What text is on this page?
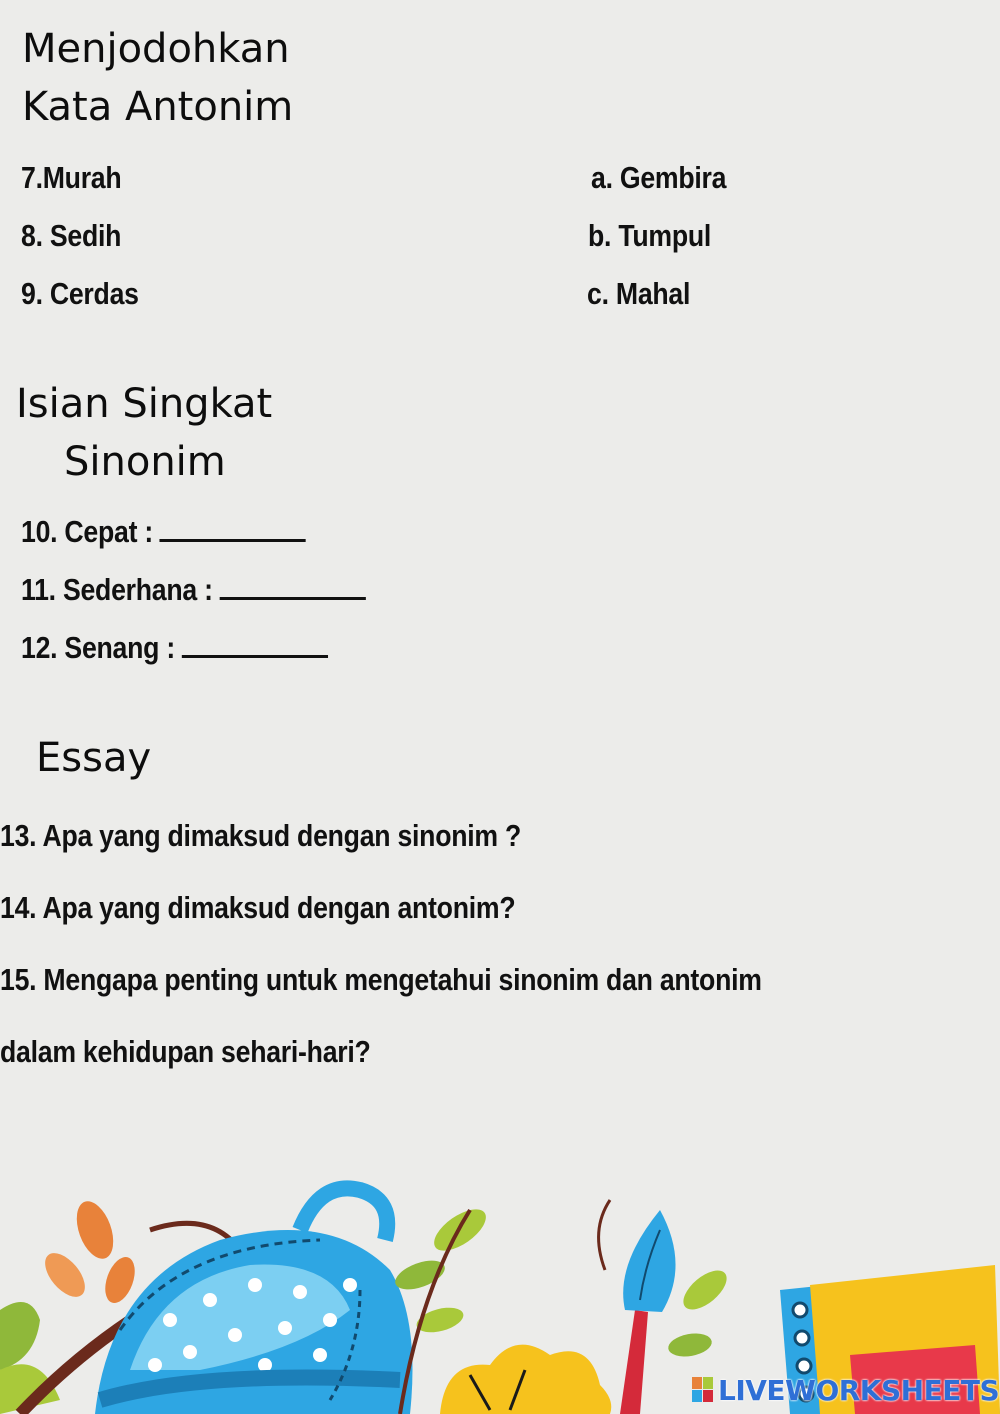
Menjodohkan
Kata Antonim
7.Murah
8. Sedih
9. Cerdas
a. Gembira
b. Tumpul
c. Mahal
Isian Singkat
Sinonim
10. Cepat :
11. Sederhana :
12. Senang :
Essay
13. Apa yang dimaksud dengan sinonim ?
14. Apa yang dimaksud dengan antonim?
15. Mengapa penting untuk mengetahui sinonim dan antonim
dalam kehidupan sehari-hari?
LIVEWORKSHEETS
